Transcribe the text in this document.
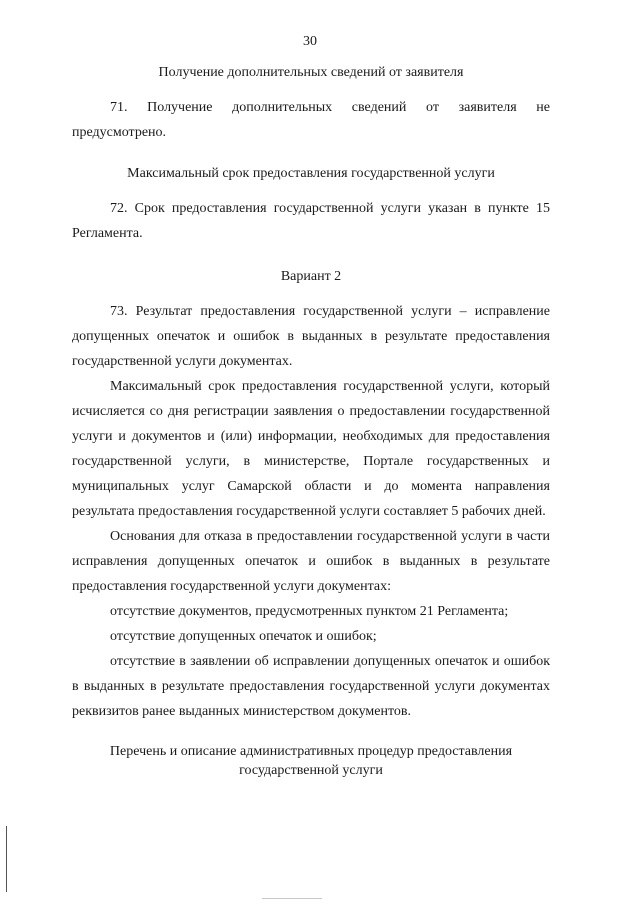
30

Получение дополнительных сведений от заявителя

71. Получение дополнительных сведений от заявителя не предусмотрено.

Максимальный срок предоставления государственной услуги

72. Срок предоставления государственной услуги указан в пункте 15 Регламента.

Вариант 2

73. Результат предоставления государственной услуги – исправление допущенных опечаток и ошибок в выданных в результате предоставления государственной услуги документах.

Максимальный срок предоставления государственной услуги, который исчисляется со дня регистрации заявления о предоставлении государственной услуги и документов и (или) информации, необходимых для предоставления государственной услуги, в министерстве, Портале государственных и муниципальных услуг Самарской области и до момента направления результата предоставления государственной услуги составляет 5 рабочих дней.

Основания для отказа в предоставлении государственной услуги в части исправления допущенных опечаток и ошибок в выданных в результате предоставления государственной услуги документах:

отсутствие документов, предусмотренных пунктом 21 Регламента;

отсутствие допущенных опечаток и ошибок;

отсутствие в заявлении об исправлении допущенных опечаток и ошибок в выданных в результате предоставления государственной услуги документах реквизитов ранее выданных министерством документов.

Перечень и описание административных процедур предоставления
государственной услуги
